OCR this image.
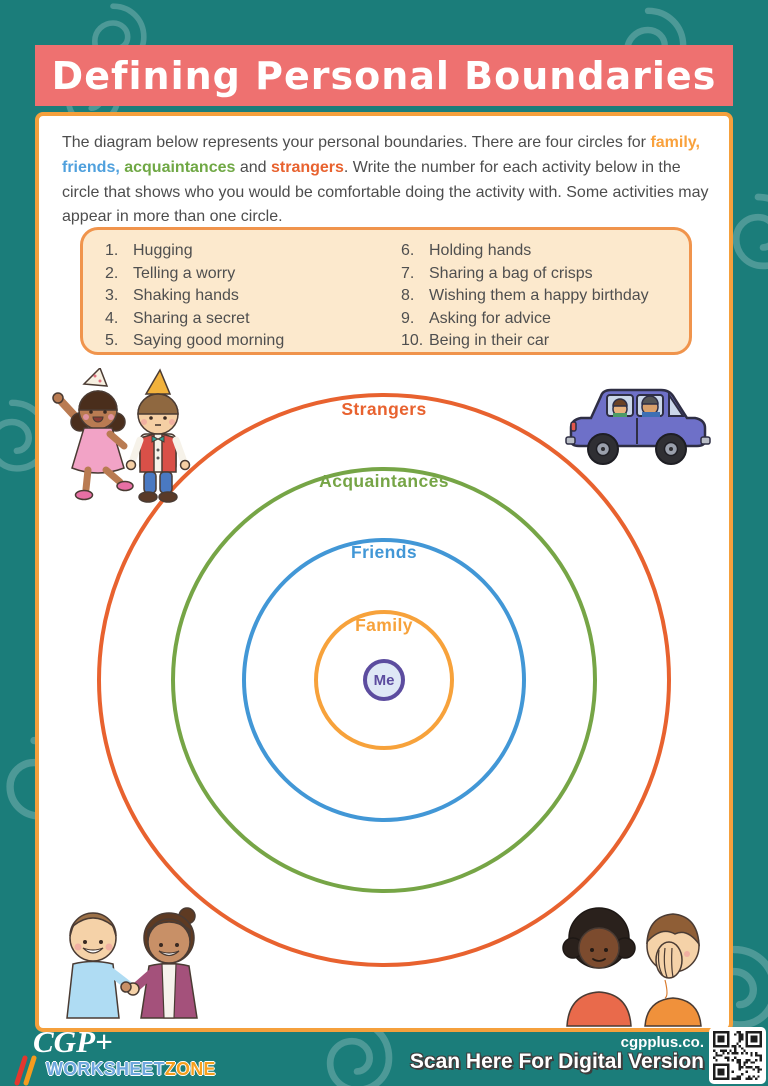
Defining Personal Boundaries

The diagram below represents your personal boundaries. There are four circles for family, friends, acquaintances and strangers. Write the number for each activity below in the circle that shows who you would be comfortable doing the activity with. Some activities may appear in more than one circle.

1. Hugging
2. Telling a worry
3. Shaking hands
4. Sharing a secret
5. Saying good morning
6. Holding hands
7. Sharing a bag of crisps
8. Wishing them a happy birthday
9. Asking for advice
10. Being in their car
Strangers
Acquaintances
Friends
Family
Me
CGP+
WORKSHEETZONE
cgpplus.co.
Scan Here For Digital Version
